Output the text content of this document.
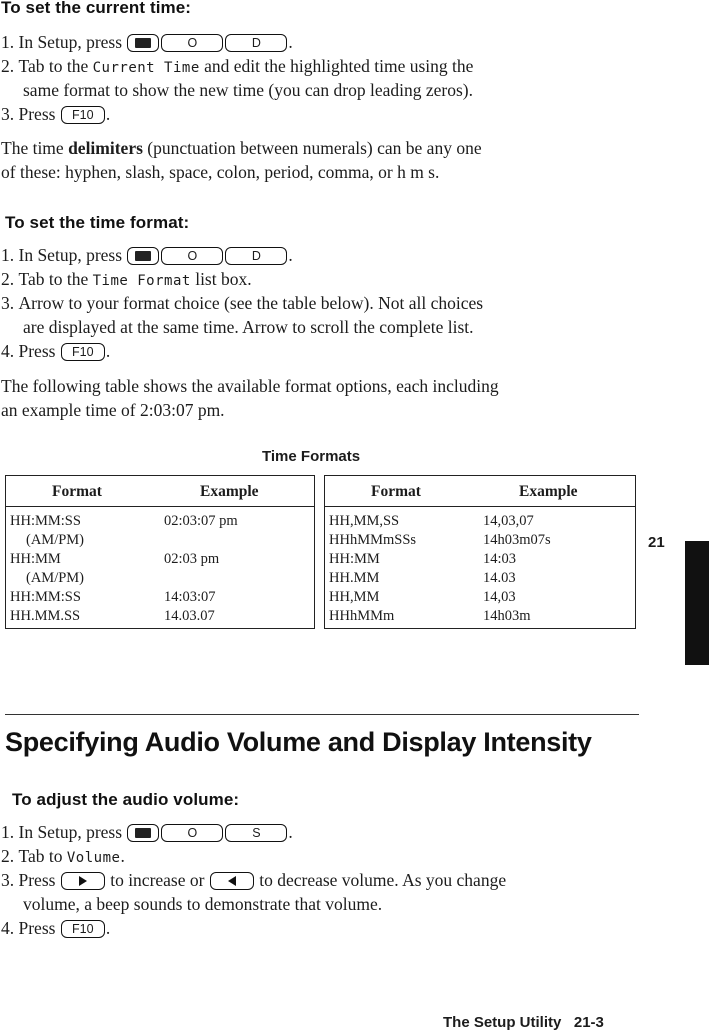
To set the current time:
1. In Setup, press	O	D .
2. Tab to the Current Time and edit the highlighted time using the
same format to show the new time (you can drop leading zeros).
3. Press F10 .
The time delimiters (punctuation between numerals) can be any one
of these: hyphen, slash, space, colon, period, comma, or h m s.
To set the time format:
1. In Setup, press	O	D .
2. Tab to the Time Format list box.
3. Arrow to your format choice (see the table below). Not all choices
are displayed at the same time. Arrow to scroll the complete list.
4. Press F10 .
The following table shows the available format options, each including
an example time of 2:03:07 pm.
Time Formats
Format	Example
HH:MM:SS	02:03:07 pm
(AM/PM)
HH:MM	02:03 pm
(AM/PM)
HH:MM:SS	14:03:07
HH.MM.SS	14.03.07
Format	Example
HH,MM,SS	14,03,07
HHhMMmSSs	14h03m07s
HH:MM	14:03
HH.MM	14.03
HH,MM	14,03
HHhMMm	14h03m
21
Specifying Audio Volume and Display Intensity
To adjust the audio volume:
1. In Setup, press	O	S .
2. Tab to Volume.
3. Press	to increase or	to decrease volume. As you change
volume, a beep sounds to demonstrate that volume.
4. Press F10 .
The Setup Utility 21-3
